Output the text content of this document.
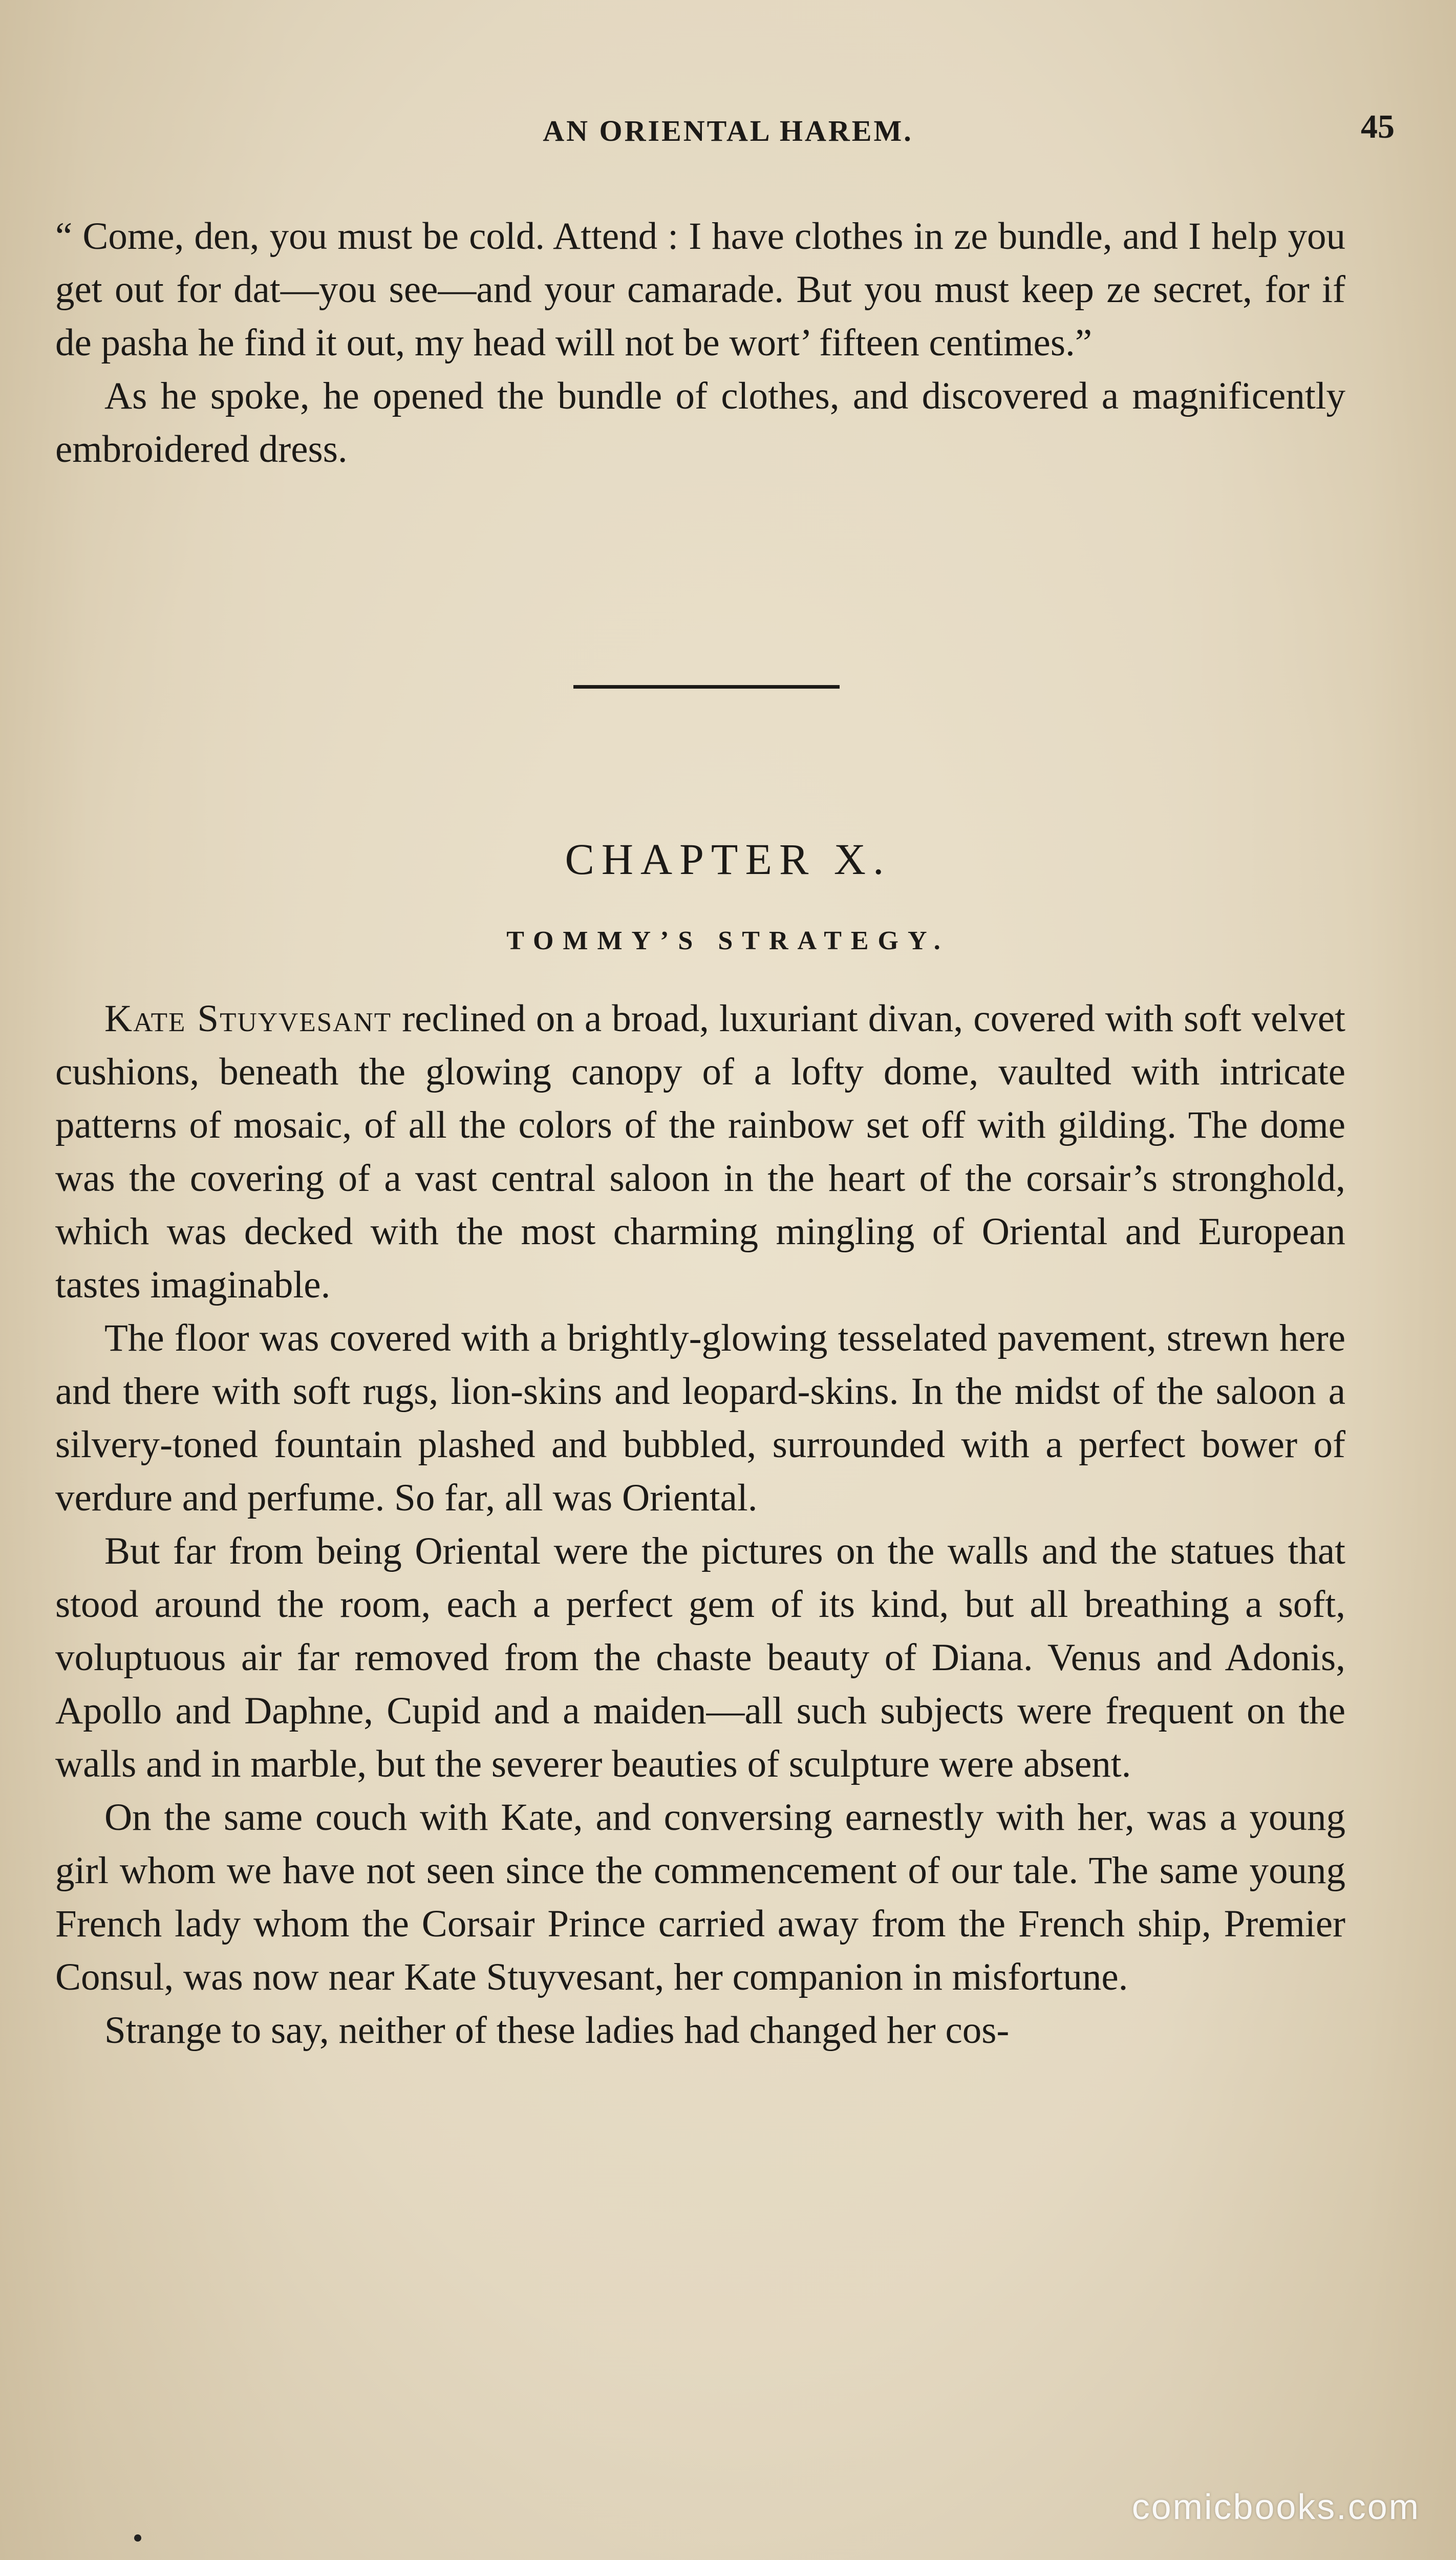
AN ORIENTAL HAREM.	45

“ Come, den, you must be cold. Attend : I have clothes in ze bundle, and I help you get out for dat—you see—and your camarade. But you must keep ze secret, for if de pasha he find it out, my head will not be wort’ fifteen centimes.”

As he spoke, he opened the bundle of clothes, and discovered a magnificently embroidered dress.

CHAPTER X.
TOMMY’S STRATEGY.

Kate Stuyvesant reclined on a broad, luxuriant divan, covered with soft velvet cushions, beneath the glowing canopy of a lofty dome, vaulted with intricate patterns of mosaic, of all the colors of the rainbow set off with gilding. The dome was the covering of a vast central saloon in the heart of the corsair’s stronghold, which was decked with the most charming mingling of Oriental and European tastes imaginable.

The floor was covered with a brightly-glowing tesselated pavement, strewn here and there with soft rugs, lion-skins and leopard-skins. In the midst of the saloon a silvery-toned fountain plashed and bubbled, surrounded with a perfect bower of verdure and perfume. So far, all was Oriental.

But far from being Oriental were the pictures on the walls and the statues that stood around the room, each a perfect gem of its kind, but all breathing a soft, voluptuous air far removed from the chaste beauty of Diana. Venus and Adonis, Apollo and Daphne, Cupid and a maiden—all such subjects were frequent on the walls and in marble, but the severer beauties of sculpture were absent.

On the same couch with Kate, and conversing earnestly with her, was a young girl whom we have not seen since the commencement of our tale. The same young French lady whom the Corsair Prince carried away from the French ship, Premier Consul, was now near Kate Stuyvesant, her companion in misfortune.

Strange to say, neither of these ladies had changed her cos-

comicbooks.com
